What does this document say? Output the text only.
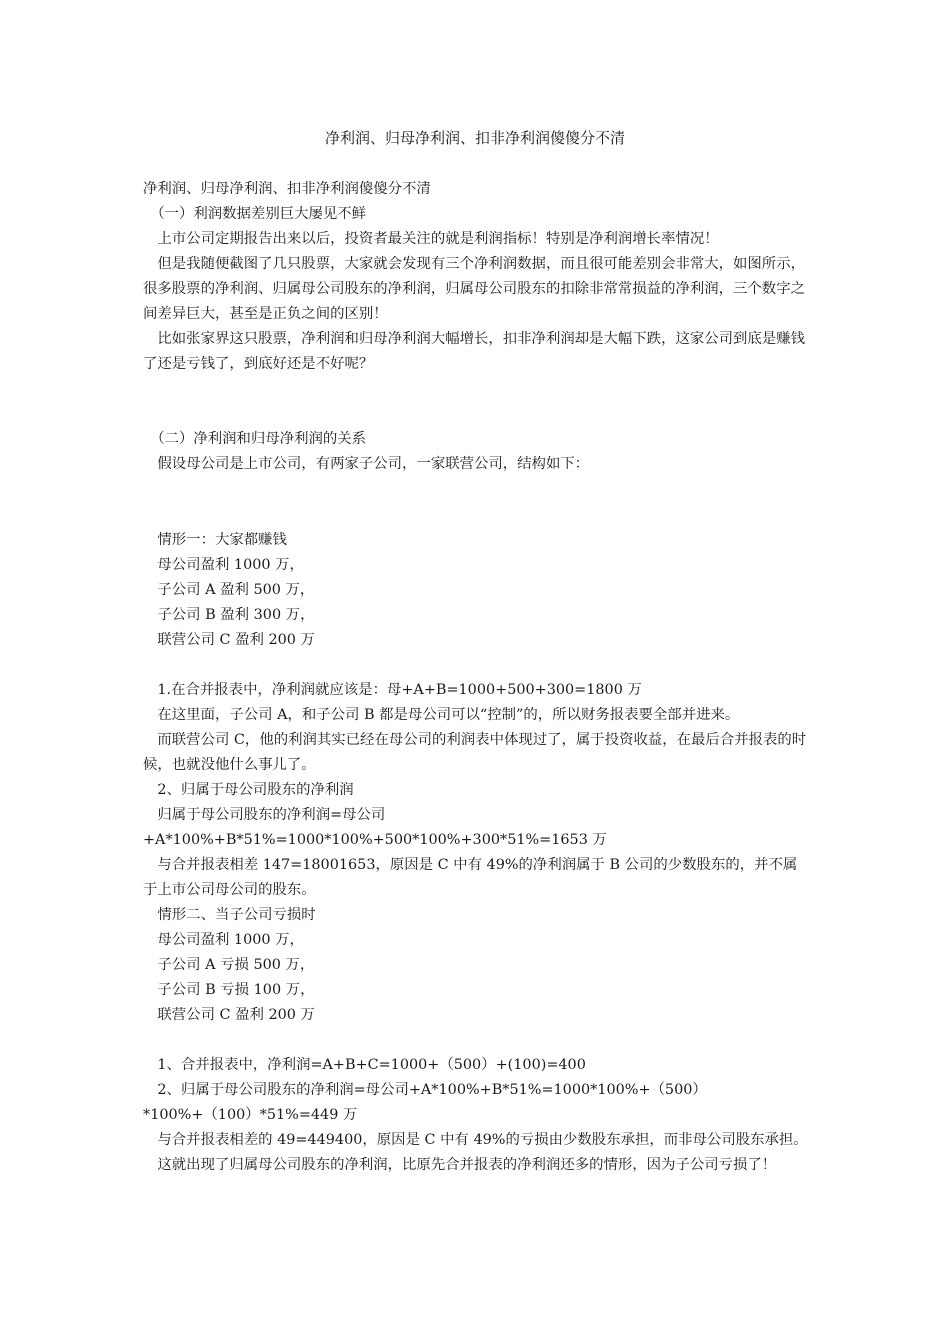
净利润、归母净利润、扣非净利润傻傻分不清

净利润、归母净利润、扣非净利润傻傻分不清

　（一）利润数据差别巨大屡见不鲜

　上市公司定期报告出来以后，投资者最关注的就是利润指标！特别是净利润增长率情况！

　但是我随便截图了几只股票，大家就会发现有三个净利润数据，而且很可能差别会非常大，如图所示，很多股票的净利润、归属母公司股东的净利润，归属母公司股东的扣除非常常损益的净利润，三个数字之间差异巨大，甚至是正负之间的区别！

　比如张家界这只股票，净利润和归母净利润大幅增长，扣非净利润却是大幅下跌，这家公司到底是赚钱了还是亏钱了，到底好还是不好呢？

　（二）净利润和归母净利润的关系

　假设母公司是上市公司，有两家子公司，一家联营公司，结构如下：

　情形一：大家都赚钱

　母公司盈利 1000 万，

　子公司 A 盈利 500 万，

　子公司 B 盈利 300 万，

　联营公司 C 盈利 200 万

　1.在合并报表中，净利润就应该是：母+A+B=1000+500+300=1800 万

　在这里面，子公司 A，和子公司 B 都是母公司可以“控制”的，所以财务报表要全部并进来。

　而联营公司 C，他的利润其实已经在母公司的利润表中体现过了，属于投资收益，在最后合并报表的时候，也就没他什么事儿了。

　2、归属于母公司股东的净利润

　归属于母公司股东的净利润=母公司+A*100%+B*51%=1000*100%+500*100%+300*51%=1653 万

　与合并报表相差 147=18001653，原因是 C 中有 49%的净利润属于 B 公司的少数股东的，并不属于上市公司母公司的股东。

　情形二、当子公司亏损时

　母公司盈利 1000 万，

　子公司 A 亏损 500 万，

　子公司 B 亏损 100 万，

　联营公司 C 盈利 200 万

　1、合并报表中，净利润=A+B+C=1000+（500）+(100)=400

　2、归属于母公司股东的净利润=母公司+A*100%+B*51%=1000*100%+（500）*100%+（100）*51%=449 万

　与合并报表相差的 49=449400，原因是 C 中有 49%的亏损由少数股东承担，而非母公司股东承担。

　这就出现了归属母公司股东的净利润，比原先合并报表的净利润还多的情形，因为子公司亏损了！
